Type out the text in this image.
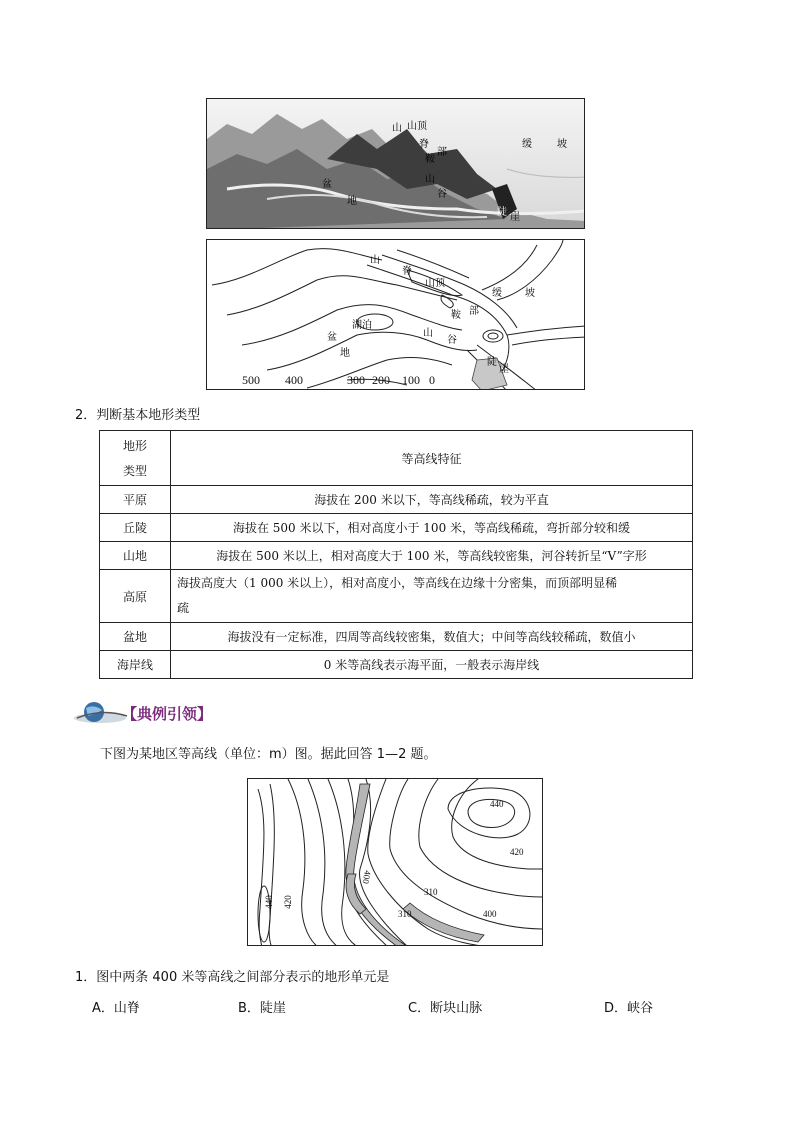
山 山顶
脊
部
鞍
山
谷
盆
地
陡 崖
缓	坡
山
脊
山顶
缓 坡
鞍 部
湖泊
山
谷
盆
地
陡
崖
500 400	300 200 100 0
2．判断基本地形类型
地形
类型	等高线特征
平原	海拔在 200 米以下，等高线稀疏，较为平直
丘陵	海拔在 500 米以下，相对高度小于 100 米，等高线稀疏，弯折部分较和缓
山地	海拔在 500 米以上，相对高度大于 100 米，等高线较密集，河谷转折呈“V”字形
高原	海拔高度大（1 000 米以上），相对高度小，等高线在边缘十分密集，而顶部明显稀
疏

盆地	海拔没有一定标准，四周等高线较密集，数值大；中间等高线较稀疏，数值小
海岸线	0 米等高线表示海平面，一般表示海岸线
【典例引领】
下图为某地区等高线（单位：m）图。据此回答 1—2 题。
440
420
400
310
440 420
310	400
1．图中两条 400 米等高线之间部分表示的地形单元是
A．山脊	B．陡崖	C．断块山脉	D．峡谷
